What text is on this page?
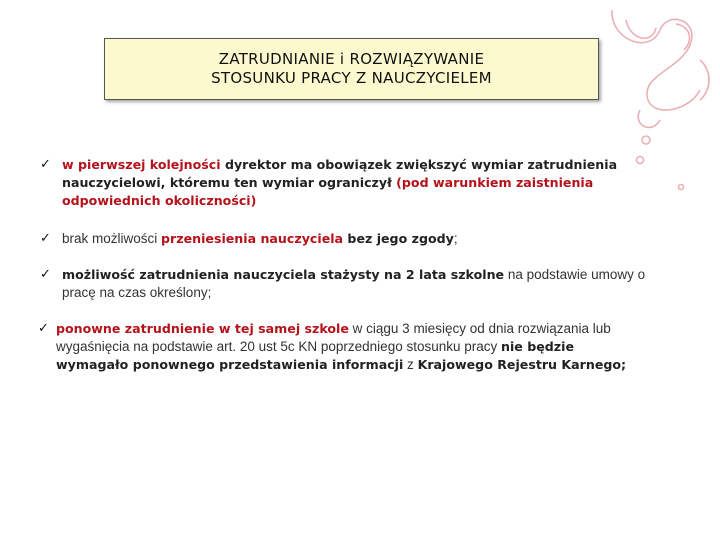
ZATRUDNIANIE i ROZWIĄZYWANIE
STOSUNKU PRACY Z NAUCZYCIELEM
✓ w pierwszej kolejności dyrektor ma obowiązek zwiększyć wymiar zatrudnienia nauczycielowi, któremu ten wymiar ograniczył (pod warunkiem zaistnienia odpowiednich okoliczności)
✓ brak możliwości przeniesienia nauczyciela bez jego zgody;
✓ możliwość zatrudnienia nauczyciela stażysty na 2 lata szkolne na podstawie umowy o pracę na czas określony;
✓ ponowne zatrudnienie w tej samej szkole w ciągu 3 miesięcy od dnia rozwiązania lub wygaśnięcia na podstawie art. 20 ust 5c KN poprzedniego stosunku pracy nie będzie wymagało ponownego przedstawienia informacji z Krajowego Rejestru Karnego;
